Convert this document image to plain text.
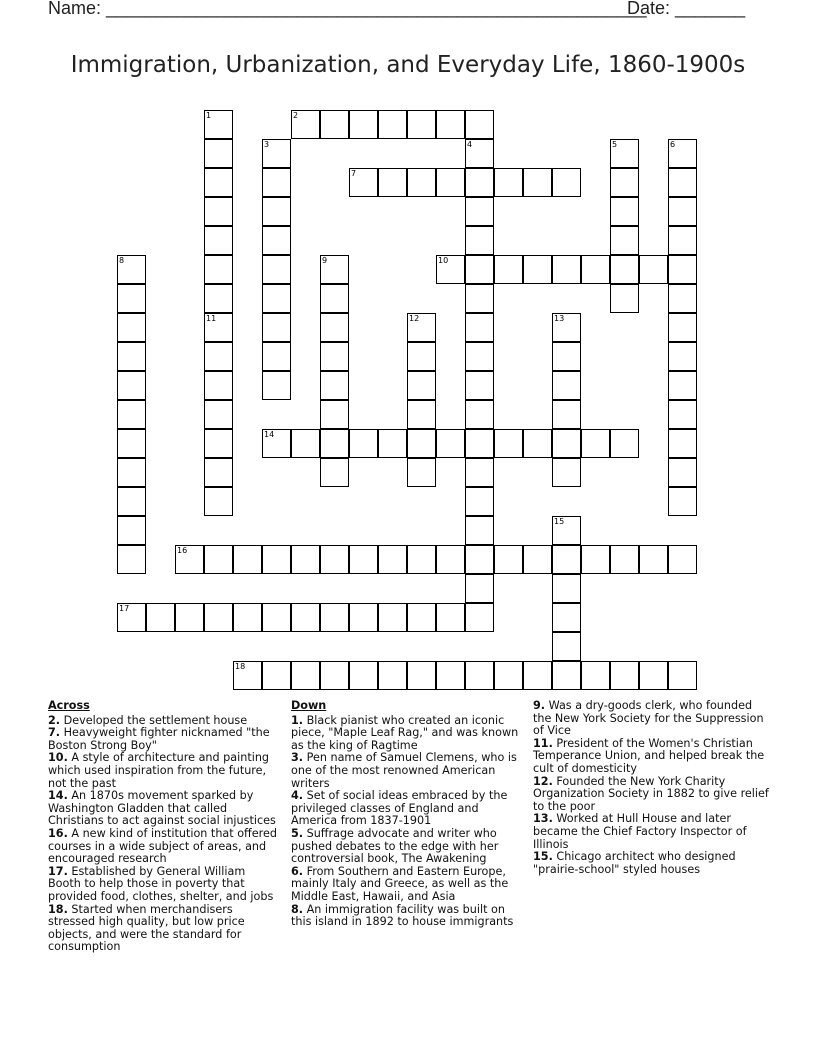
Name: ______________________________________________________
Date: _______
Immigration, Urbanization, and Everyday Life, 1860-1900s
1
11
2
3	4	5	6
7
8	9	10
12	13
14
15
16
17
18
Across
2. Developed the settlement house
7. Heavyweight fighter nicknamed "the Boston Strong Boy"
10. A style of architecture and painting which used inspiration from the future, not the past
14. An 1870s movement sparked by Washington Gladden that called Christians to act against social injustices
16. A new kind of institution that offered courses in a wide subject of areas, and encouraged research
17. Established by General William Booth to help those in poverty that provided food, clothes, shelter, and jobs
18. Started when merchandisers stressed high quality, but low price objects, and were the standard for consumption
Down
1. Black pianist who created an iconic piece, "Maple Leaf Rag," and was known as the king of Ragtime
3. Pen name of Samuel Clemens, who is one of the most renowned American writers
4. Set of social ideas embraced by the privileged classes of England and America from 1837-1901
5. Suffrage advocate and writer who pushed debates to the edge with her controversial book, The Awakening
6. From Southern and Eastern Europe, mainly Italy and Greece, as well as the Middle East, Hawaii, and Asia
8. An immigration facility was built on this island in 1892 to house immigrants
9. Was a dry-goods clerk, who founded the New York Society for the Suppression of Vice
11. President of the Women's Christian Temperance Union, and helped break the cult of domesticity
12. Founded the New York Charity Organization Society in 1882 to give relief to the poor
13. Worked at Hull House and later became the Chief Factory Inspector of Illinois
15. Chicago architect who designed "prairie-school" styled houses
